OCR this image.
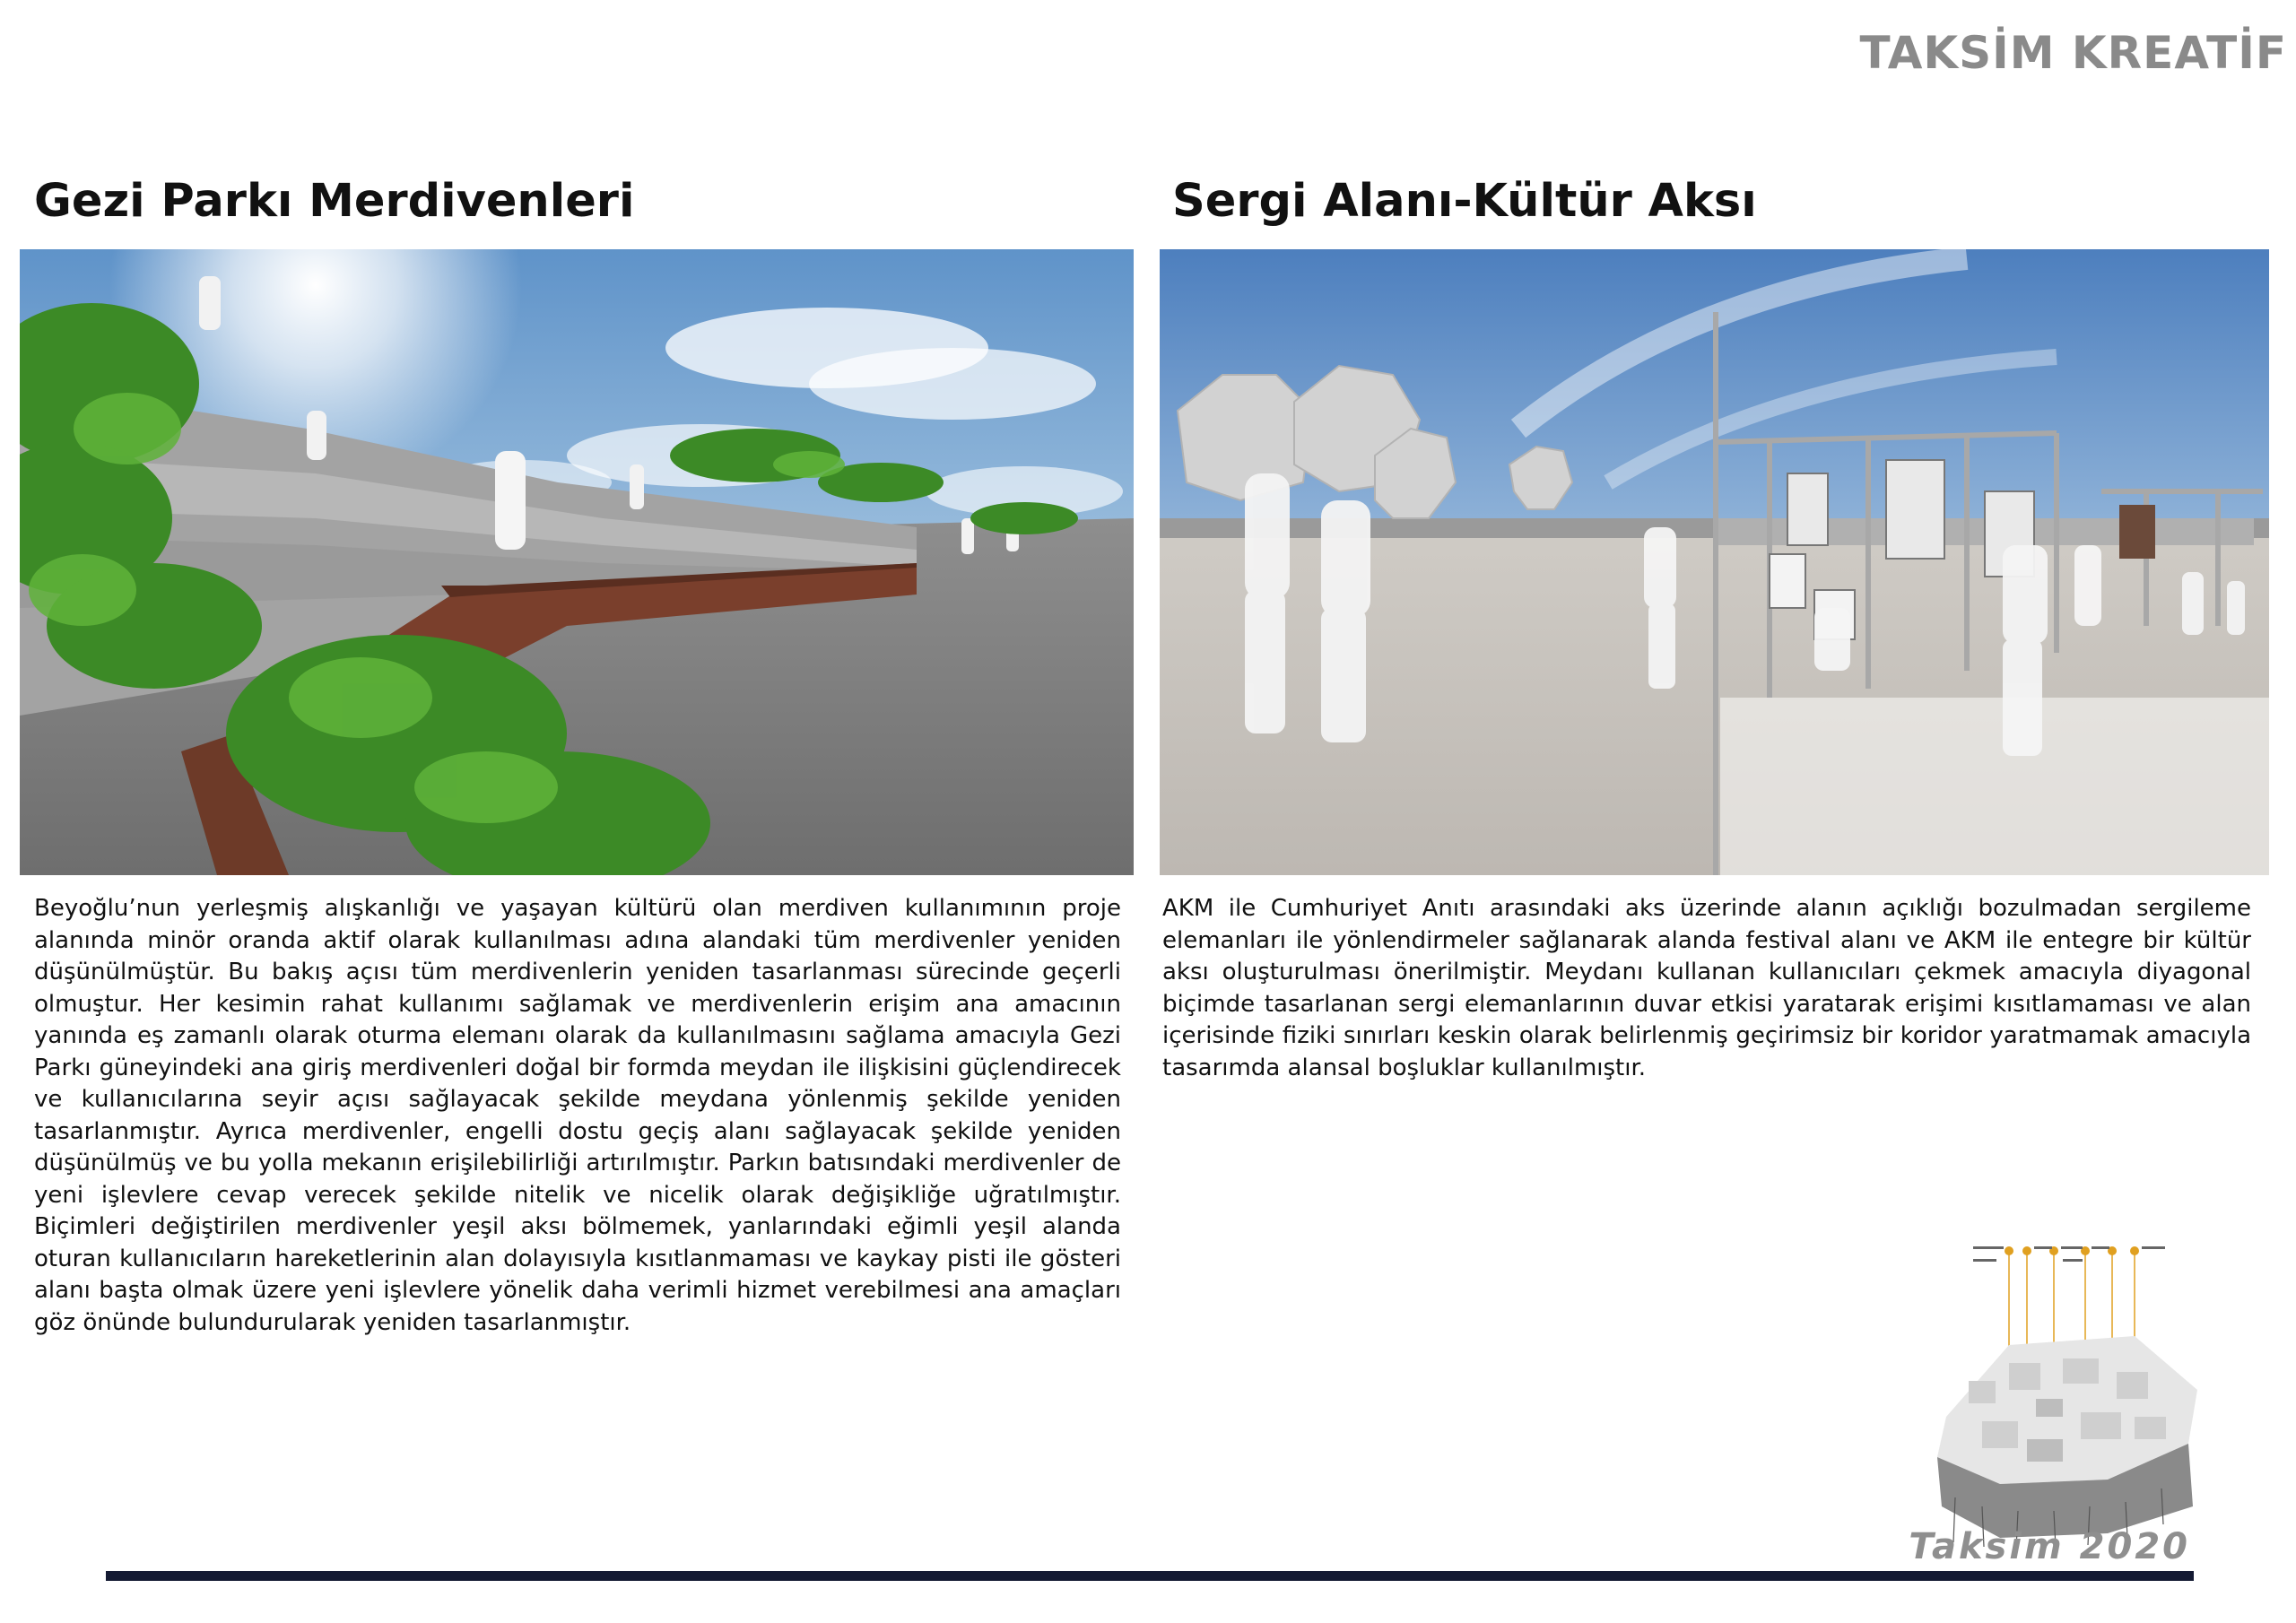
TAKSİM KREATİF
Gezi Parkı Merdivenleri	Sergi Alanı-Kültür Aksı

Beyoğlu’nun yerleşmiş alışkanlığı ve yaşayan kültürü olan merdiven kullanımının proje alanında minör oranda aktif olarak kullanılması adına alandaki tüm merdivenler yeniden düşünülmüştür. Bu bakış açısı tüm merdivenlerin yeniden tasarlanması sürecinde geçerli olmuştur. Her kesimin rahat kullanımı sağlamak ve merdivenlerin erişim ana amacının yanında eş zamanlı olarak oturma elemanı olarak da kullanılmasını sağlama amacıyla Gezi Parkı güneyindeki ana giriş merdivenleri doğal bir formda meydan ile ilişkisini güçlendirecek ve kullanıcılarına seyir açısı sağlayacak şekilde meydana yönlenmiş şekilde yeniden tasarlanmıştır. Ayrıca merdivenler, engelli dostu geçiş alanı sağlayacak şekilde yeniden düşünülmüş ve bu yolla mekanın erişilebilirliği artırılmıştır. Parkın batısındaki merdivenler de yeni işlevlere cevap verecek şekilde nitelik ve nicelik olarak değişikliğe uğratılmıştır. Biçimleri değiştirilen merdivenler yeşil aksı bölmemek, yanlarındaki eğimli yeşil alanda oturan kullanıcıların hareketlerinin alan dolayısıyla kısıtlanmaması ve kaykay pisti ile gösteri alanı başta olmak üzere yeni işlevlere yönelik daha verimli hizmet verebilmesi ana amaçları göz önünde bulundurularak yeniden tasarlanmıştır.

AKM ile Cumhuriyet Anıtı arasındaki aks üzerinde alanın açıklığı bozulmadan sergileme elemanları ile yönlendirmeler sağlanarak alanda festival alanı ve AKM ile entegre bir kültür aksı oluşturulması önerilmiştir. Meydanı kullanan kullanıcıları çekmek amacıyla diyagonal biçimde tasarlanan sergi elemanlarının duvar etkisi yaratarak erişimi kısıtlamaması ve alan içerisinde fiziki sınırları keskin olarak belirlenmiş geçirimsiz bir koridor yaratmamak amacıyla tasarımda alansal boşluklar kullanılmıştır.

Taksim 2020
